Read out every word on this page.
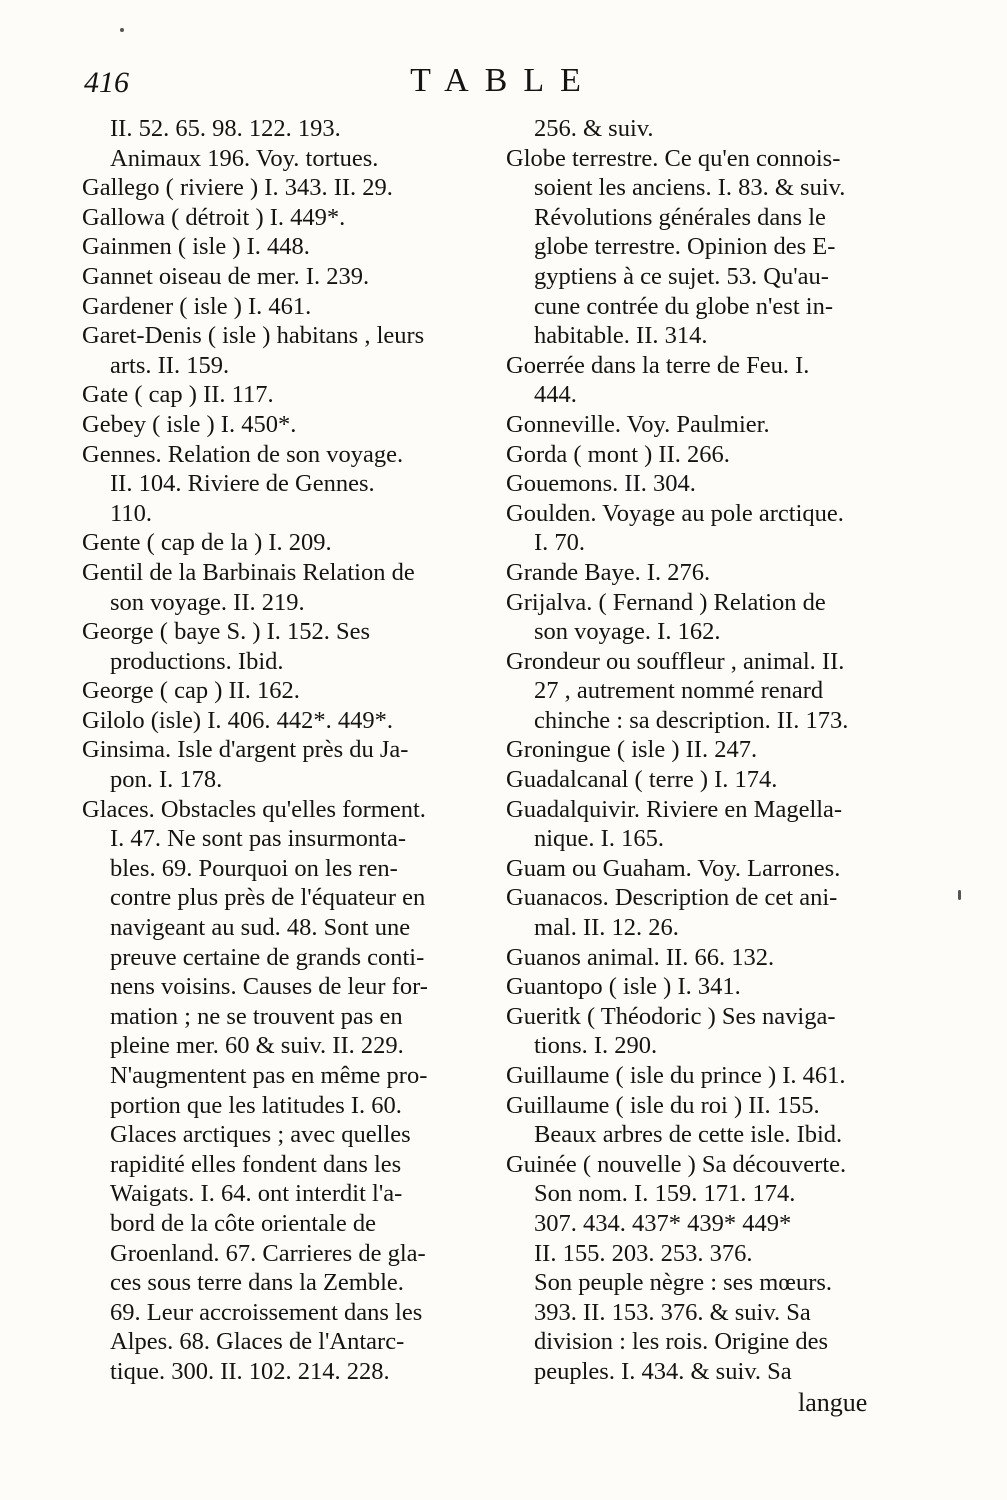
416	TABLE
II. 52. 65. 98. 122. 193.
Animaux 196. Voy. tortues.
Gallego ( riviere ) I. 343. II. 29.
Gallowa ( détroit ) I. 449*.
Gainmen ( isle ) I. 448.
Gannet oiseau de mer. I. 239.
Gardener ( isle ) I. 461.
Garet-Denis ( isle ) habitans , leurs
arts. II. 159.
Gate ( cap ) II. 117.
Gebey ( isle ) I. 450*.
Gennes. Relation de son voyage.
II. 104. Riviere de Gennes.
110.
Gente ( cap de la ) I. 209.
Gentil de la Barbinais Relation de
son voyage. II. 219.
George ( baye S. ) I. 152. Ses
productions. Ibid.
George ( cap ) II. 162.
Gilolo (isle) I. 406. 442*. 449*.
Ginsima. Isle d'argent près du Ja-
pon. I. 178.
Glaces. Obstacles qu'elles forment.
I. 47. Ne sont pas insurmonta-
bles. 69. Pourquoi on les ren-
contre plus près de l'équateur en
navigeant au sud. 48. Sont une
preuve certaine de grands conti-
nens voisins. Causes de leur for-
mation ; ne se trouvent pas en
pleine mer. 60 & suiv. II. 229.
N'augmentent pas en même pro-
portion que les latitudes I. 60.
Glaces arctiques ; avec quelles
rapidité elles fondent dans les
Waigats. I. 64. ont interdit l'a-
bord de la côte orientale de
Groenland. 67. Carrieres de gla-
ces sous terre dans la Zemble.
69. Leur accroissement dans les
Alpes. 68. Glaces de l'Antarc-
tique. 300. II. 102. 214. 228.
256. & suiv.
Globe terrestre. Ce qu'en connois-
soient les anciens. I. 83. & suiv.
Révolutions générales dans le
globe terrestre. Opinion des E-
gyptiens à ce sujet. 53. Qu'au-
cune contrée du globe n'est in-
habitable. II. 314.
Goerrée dans la terre de Feu. I.
444.
Gonneville. Voy. Paulmier.
Gorda ( mont ) II. 266.
Gouemons. II. 304.
Goulden. Voyage au pole arctique.
I. 70.
Grande Baye. I. 276.
Grijalva. ( Fernand ) Relation de
son voyage. I. 162.
Grondeur ou souffleur , animal. II.
27 , autrement nommé renard
chinche : sa description. II. 173.
Groningue ( isle ) II. 247.
Guadalcanal ( terre ) I. 174.
Guadalquivir. Riviere en Magella-
nique. I. 165.
Guam ou Guaham. Voy. Larrones.
Guanacos. Description de cet ani-
mal. II. 12. 26.
Guanos animal. II. 66. 132.
Guantopo ( isle ) I. 341.
Gueritk ( Théodoric ) Ses naviga-
tions. I. 290.
Guillaume ( isle du prince ) I. 461.
Guillaume ( isle du roi ) II. 155.
Beaux arbres de cette isle. Ibid.
Guinée ( nouvelle ) Sa découverte.
Son nom. I. 159. 171. 174.
307. 434. 437* 439* 449*
II. 155. 203. 253. 376.
Son peuple nègre : ses mœurs.
393. II. 153. 376. & suiv. Sa
division : les rois. Origine des
peuples. I. 434. & suiv. Sa
langue
